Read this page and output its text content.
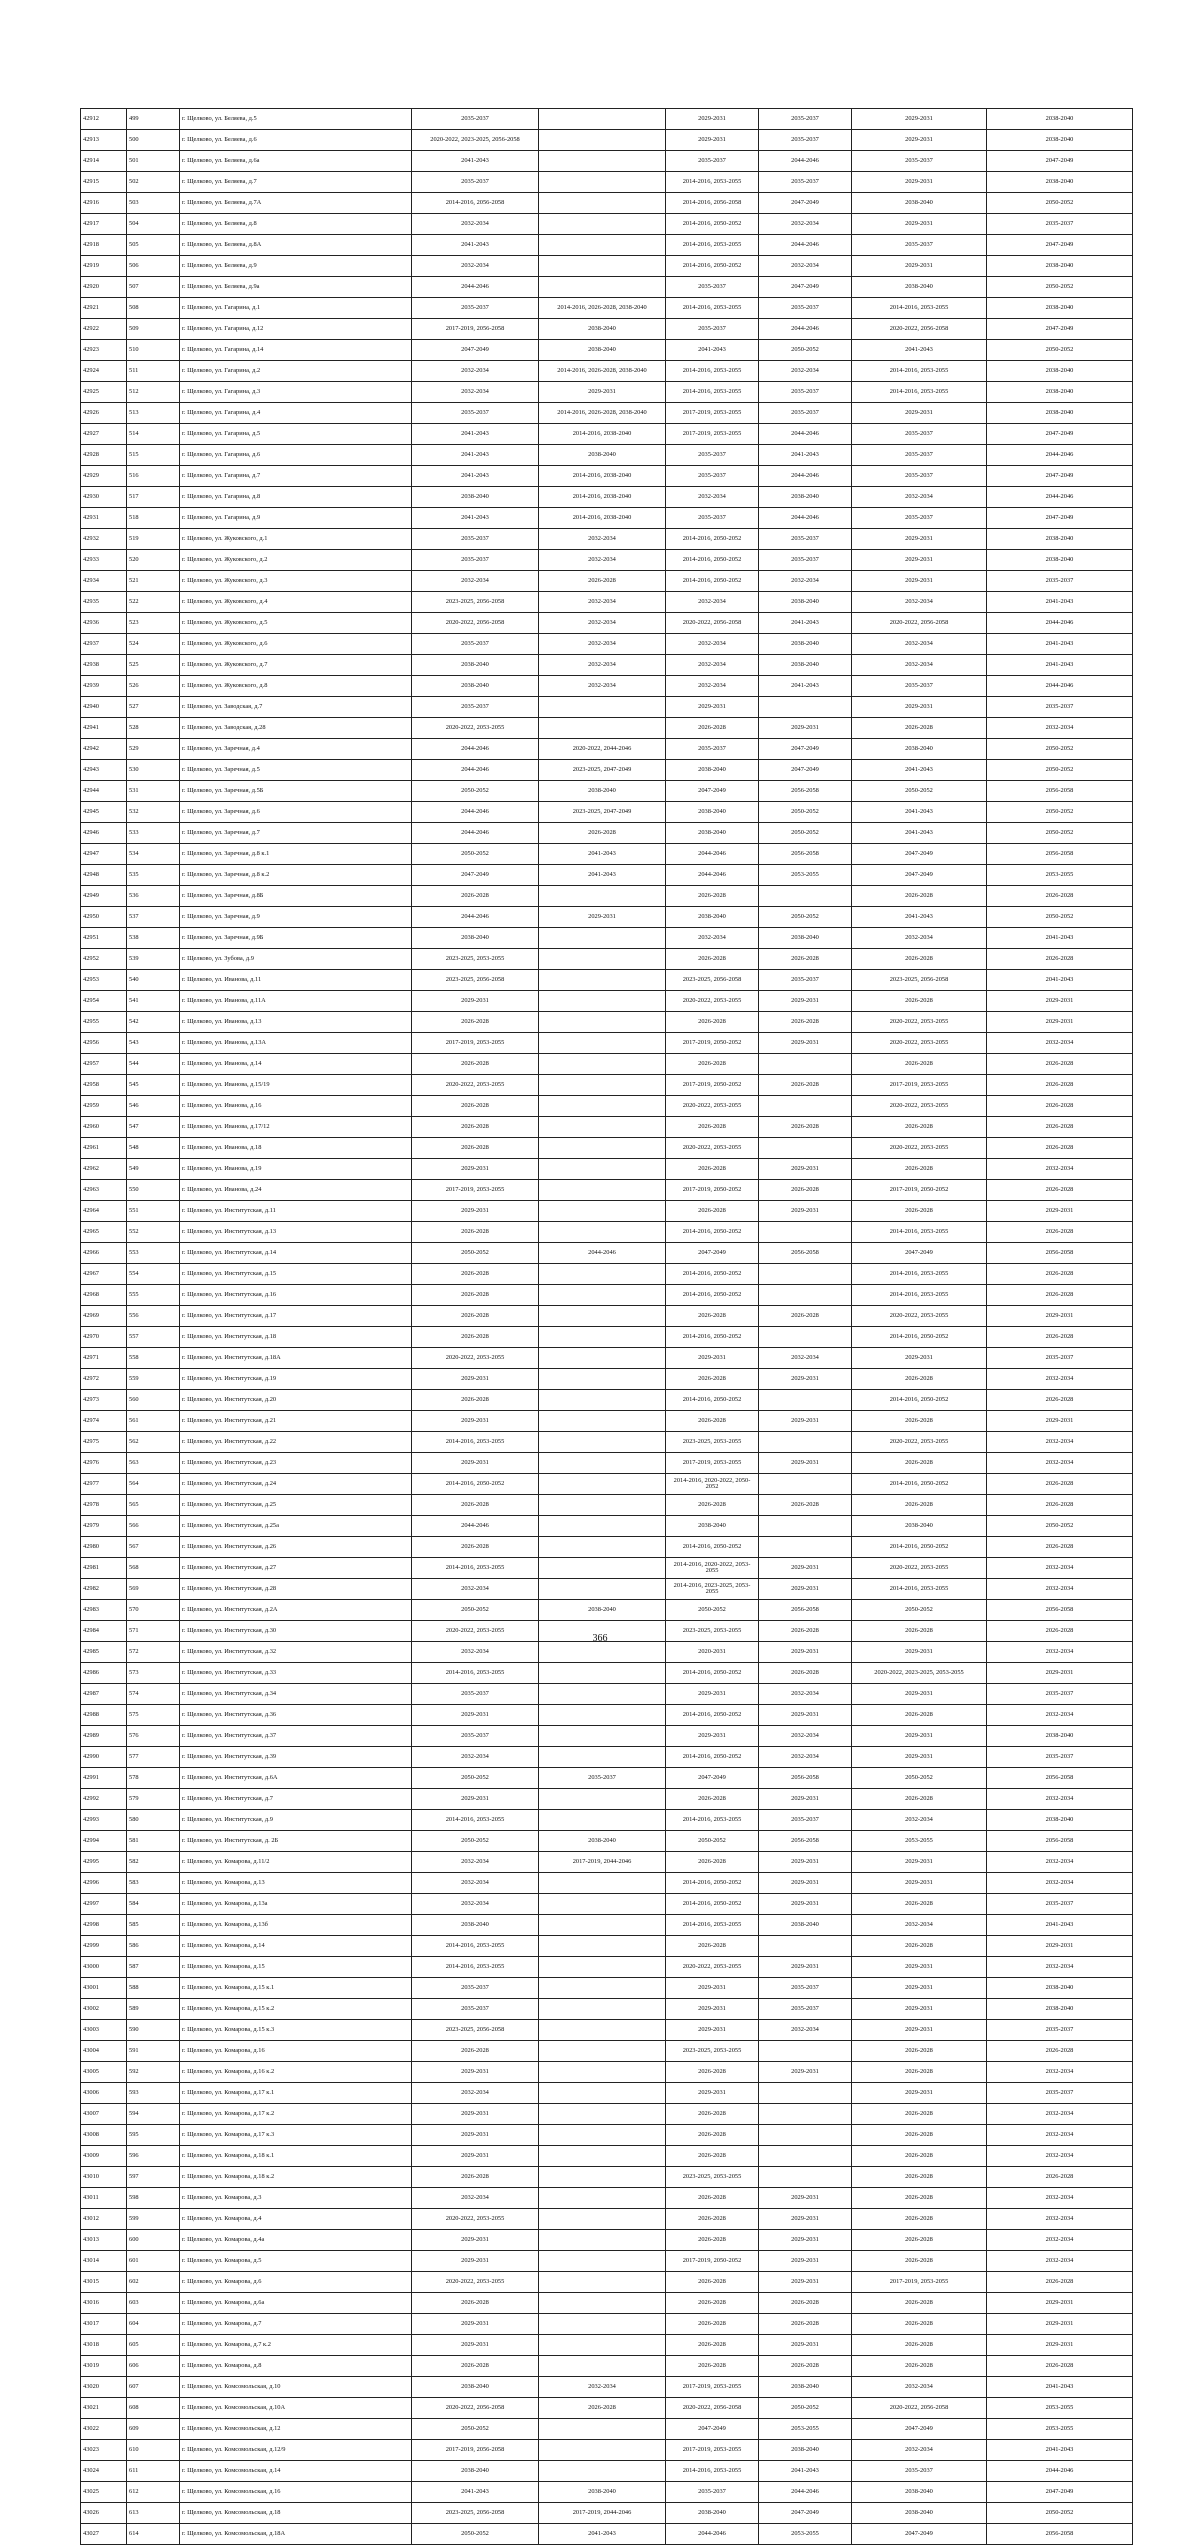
42912	499	г. Щелково, ул. Беляева, д.5	2035-2037		2029-2031	2035-2037	2029-2031	2038-2040
42913	500	г. Щелково, ул. Беляева, д.6	2020-2022, 2023-2025, 2056-2058		2029-2031	2035-2037	2029-2031	2038-2040
42914	501	г. Щелково, ул. Беляева, д.6а	2041-2043		2035-2037	2044-2046	2035-2037	2047-2049
42915	502	г. Щелково, ул. Беляева, д.7	2035-2037		2014-2016, 2053-2055	2035-2037	2029-2031	2038-2040
42916	503	г. Щелково, ул. Беляева, д.7А	2014-2016, 2056-2058		2014-2016, 2056-2058	2047-2049	2038-2040	2050-2052
42917	504	г. Щелково, ул. Беляева, д.8	2032-2034		2014-2016, 2050-2052	2032-2034	2029-2031	2035-2037
42918	505	г. Щелково, ул. Беляева, д.8А	2041-2043		2014-2016, 2053-2055	2044-2046	2035-2037	2047-2049
42919	506	г. Щелково, ул. Беляева, д.9	2032-2034		2014-2016, 2050-2052	2032-2034	2029-2031	2038-2040
42920	507	г. Щелково, ул. Беляева, д.9а	2044-2046		2035-2037	2047-2049	2038-2040	2050-2052
42921	508	г. Щелково, ул. Гагарина, д.1	2035-2037	2014-2016, 2026-2028, 2038-2040	2014-2016, 2053-2055	2035-2037	2014-2016, 2053-2055	2038-2040
42922	509	г. Щелково, ул. Гагарина, д.12	2017-2019, 2056-2058	2038-2040	2035-2037	2044-2046	2020-2022, 2056-2058	2047-2049
42923	510	г. Щелково, ул. Гагарина, д.14	2047-2049	2038-2040	2041-2043	2050-2052	2041-2043	2050-2052
42924	511	г. Щелково, ул. Гагарина, д.2	2032-2034	2014-2016, 2026-2028, 2038-2040	2014-2016, 2053-2055	2032-2034	2014-2016, 2053-2055	2038-2040
42925	512	г. Щелково, ул. Гагарина, д.3	2032-2034	2029-2031	2014-2016, 2053-2055	2035-2037	2014-2016, 2053-2055	2038-2040
42926	513	г. Щелково, ул. Гагарина, д.4	2035-2037	2014-2016, 2026-2028, 2038-2040	2017-2019, 2053-2055	2035-2037	2029-2031	2038-2040
42927	514	г. Щелково, ул. Гагарина, д.5	2041-2043	2014-2016, 2038-2040	2017-2019, 2053-2055	2044-2046	2035-2037	2047-2049
42928	515	г. Щелково, ул. Гагарина, д.6	2041-2043	2038-2040	2035-2037	2041-2043	2035-2037	2044-2046
42929	516	г. Щелково, ул. Гагарина, д.7	2041-2043	2014-2016, 2038-2040	2035-2037	2044-2046	2035-2037	2047-2049
42930	517	г. Щелково, ул. Гагарина, д.8	2038-2040	2014-2016, 2038-2040	2032-2034	2038-2040	2032-2034	2044-2046
42931	518	г. Щелково, ул. Гагарина, д.9	2041-2043	2014-2016, 2038-2040	2035-2037	2044-2046	2035-2037	2047-2049
42932	519	г. Щелково, ул. Жуковского, д.1	2035-2037	2032-2034	2014-2016, 2050-2052	2035-2037	2029-2031	2038-2040
42933	520	г. Щелково, ул. Жуковского, д.2	2035-2037	2032-2034	2014-2016, 2050-2052	2035-2037	2029-2031	2038-2040
42934	521	г. Щелково, ул. Жуковского, д.3	2032-2034	2026-2028	2014-2016, 2050-2052	2032-2034	2029-2031	2035-2037
42935	522	г. Щелково, ул. Жуковского, д.4	2023-2025, 2056-2058	2032-2034	2032-2034	2038-2040	2032-2034	2041-2043
42936	523	г. Щелково, ул. Жуковского, д.5	2020-2022, 2056-2058	2032-2034	2020-2022, 2056-2058	2041-2043	2020-2022, 2056-2058	2044-2046
42937	524	г. Щелково, ул. Жуковского, д.6	2035-2037	2032-2034	2032-2034	2038-2040	2032-2034	2041-2043
42938	525	г. Щелково, ул. Жуковского, д.7	2038-2040	2032-2034	2032-2034	2038-2040	2032-2034	2041-2043
42939	526	г. Щелково, ул. Жуковского, д.8	2038-2040	2032-2034	2032-2034	2041-2043	2035-2037	2044-2046
42940	527	г. Щелково, ул. Заводская, д.7	2035-2037		2029-2031		2029-2031	2035-2037
42941	528	г. Щелково, ул. Заводская, д.28	2020-2022, 2053-2055		2026-2028	2029-2031	2026-2028	2032-2034
42942	529	г. Щелково, ул. Заречная, д.4	2044-2046	2020-2022, 2044-2046	2035-2037	2047-2049	2038-2040	2050-2052
42943	530	г. Щелково, ул. Заречная, д.5	2044-2046	2023-2025, 2047-2049	2038-2040	2047-2049	2041-2043	2050-2052
42944	531	г. Щелково, ул. Заречная, д.5Б	2050-2052	2038-2040	2047-2049	2056-2058	2050-2052	2056-2058
42945	532	г. Щелково, ул. Заречная, д.6	2044-2046	2023-2025, 2047-2049	2038-2040	2050-2052	2041-2043	2050-2052
42946	533	г. Щелково, ул. Заречная, д.7	2044-2046	2026-2028	2038-2040	2050-2052	2041-2043	2050-2052
42947	534	г. Щелково, ул. Заречная, д.8 к.1	2050-2052	2041-2043	2044-2046	2056-2058	2047-2049	2056-2058
42948	535	г. Щелково, ул. Заречная, д.8 к.2	2047-2049	2041-2043	2044-2046	2053-2055	2047-2049	2053-2055
42949	536	г. Щелково, ул. Заречная, д.8Б	2026-2028		2026-2028		2026-2028	2026-2028
42950	537	г. Щелково, ул. Заречная, д.9	2044-2046	2029-2031	2038-2040	2050-2052	2041-2043	2050-2052
42951	538	г. Щелково, ул. Заречная, д.9Б	2038-2040		2032-2034	2038-2040	2032-2034	2041-2043
42952	539	г. Щелково, ул. Зубова, д.9	2023-2025, 2053-2055		2026-2028	2026-2028	2026-2028	2026-2028
42953	540	г. Щелково, ул. Иванова, д.11	2023-2025, 2056-2058		2023-2025, 2056-2058	2035-2037	2023-2025, 2056-2058	2041-2043
42954	541	г. Щелково, ул. Иванова, д.11А	2029-2031		2020-2022, 2053-2055	2029-2031	2026-2028	2029-2031
42955	542	г. Щелково, ул. Иванова, д.13	2026-2028		2026-2028	2026-2028	2020-2022, 2053-2055	2029-2031
42956	543	г. Щелково, ул. Иванова, д.13А	2017-2019, 2053-2055		2017-2019, 2050-2052	2029-2031	2020-2022, 2053-2055	2032-2034
42957	544	г. Щелково, ул. Иванова, д.14	2026-2028		2026-2028		2026-2028	2026-2028
42958	545	г. Щелково, ул. Иванова, д.15/19	2020-2022, 2053-2055		2017-2019, 2050-2052	2026-2028	2017-2019, 2053-2055	2026-2028
42959	546	г. Щелково, ул. Иванова, д.16	2026-2028		2020-2022, 2053-2055		2020-2022, 2053-2055	2026-2028
42960	547	г. Щелково, ул. Иванова, д.17/12	2026-2028		2026-2028	2026-2028	2026-2028	2026-2028
42961	548	г. Щелково, ул. Иванова, д.18	2026-2028		2020-2022, 2053-2055		2020-2022, 2053-2055	2026-2028
42962	549	г. Щелково, ул. Иванова, д.19	2029-2031		2026-2028	2029-2031	2026-2028	2032-2034
42963	550	г. Щелково, ул. Иванова, д.24	2017-2019, 2053-2055		2017-2019, 2050-2052	2026-2028	2017-2019, 2050-2052	2026-2028
42964	551	г. Щелково, ул. Институтская, д.11	2029-2031		2026-2028	2029-2031	2026-2028	2029-2031
42965	552	г. Щелково, ул. Институтская, д.13	2026-2028		2014-2016, 2050-2052		2014-2016, 2053-2055	2026-2028
42966	553	г. Щелково, ул. Институтская, д.14	2050-2052	2044-2046	2047-2049	2056-2058	2047-2049	2056-2058
42967	554	г. Щелково, ул. Институтская, д.15	2026-2028		2014-2016, 2050-2052		2014-2016, 2053-2055	2026-2028
42968	555	г. Щелково, ул. Институтская, д.16	2026-2028		2014-2016, 2050-2052		2014-2016, 2053-2055	2026-2028
42969	556	г. Щелково, ул. Институтская, д.17	2026-2028		2026-2028	2026-2028	2020-2022, 2053-2055	2029-2031
42970	557	г. Щелково, ул. Институтская, д.18	2026-2028		2014-2016, 2050-2052		2014-2016, 2050-2052	2026-2028
42971	558	г. Щелково, ул. Институтская, д.18А	2020-2022, 2053-2055		2029-2031	2032-2034	2029-2031	2035-2037
42972	559	г. Щелково, ул. Институтская, д.19	2029-2031		2026-2028	2029-2031	2026-2028	2032-2034
42973	560	г. Щелково, ул. Институтская, д.20	2026-2028		2014-2016, 2050-2052		2014-2016, 2050-2052	2026-2028
42974	561	г. Щелково, ул. Институтская, д.21	2029-2031		2026-2028	2029-2031	2026-2028	2029-2031
42975	562	г. Щелково, ул. Институтская, д.22	2014-2016, 2053-2055		2023-2025, 2053-2055		2020-2022, 2053-2055	2032-2034
42976	563	г. Щелково, ул. Институтская, д.23	2029-2031		2017-2019, 2053-2055	2029-2031	2026-2028	2032-2034
42977	564	г. Щелково, ул. Институтская, д.24	2014-2016, 2050-2052		2014-2016, 2020-2022, 2050-2052		2014-2016, 2050-2052	2026-2028
42978	565	г. Щелково, ул. Институтская, д.25	2026-2028		2026-2028	2026-2028	2026-2028	2026-2028
42979	566	г. Щелково, ул. Институтская, д.25а	2044-2046		2038-2040		2038-2040	2050-2052
42980	567	г. Щелково, ул. Институтская, д.26	2026-2028		2014-2016, 2050-2052		2014-2016, 2050-2052	2026-2028
42981	568	г. Щелково, ул. Институтская, д.27	2014-2016, 2053-2055		2014-2016, 2020-2022, 2053-2055	2029-2031	2020-2022, 2053-2055	2032-2034
42982	569	г. Щелково, ул. Институтская, д.28	2032-2034		2014-2016, 2023-2025, 2053-2055	2029-2031	2014-2016, 2053-2055	2032-2034
42983	570	г. Щелково, ул. Институтская, д.2А	2050-2052	2038-2040	2050-2052	2056-2058	2050-2052	2056-2058
42984	571	г. Щелково, ул. Институтская, д.30	2020-2022, 2053-2055		2023-2025, 2053-2055	2026-2028	2026-2028	2026-2028
42985	572	г. Щелково, ул. Институтская, д.32	2032-2034		2020-2031	2029-2031	2029-2031	2032-2034
42986	573	г. Щелково, ул. Институтская, д.33	2014-2016, 2053-2055		2014-2016, 2050-2052	2026-2028	2020-2022, 2023-2025, 2053-2055	2029-2031
42987	574	г. Щелково, ул. Институтская, д.34	2035-2037		2029-2031	2032-2034	2029-2031	2035-2037
42988	575	г. Щелково, ул. Институтская, д.36	2029-2031		2014-2016, 2050-2052	2029-2031	2026-2028	2032-2034
42989	576	г. Щелково, ул. Институтская, д.37	2035-2037		2029-2031	2032-2034	2029-2031	2038-2040
42990	577	г. Щелково, ул. Институтская, д.39	2032-2034		2014-2016, 2050-2052	2032-2034	2029-2031	2035-2037
42991	578	г. Щелково, ул. Институтская, д.6А	2050-2052	2035-2037	2047-2049	2056-2058	2050-2052	2056-2058
42992	579	г. Щелково, ул. Институтская, д.7	2029-2031		2026-2028	2029-2031	2026-2028	2032-2034
42993	580	г. Щелково, ул. Институтская, д.9	2014-2016, 2053-2055		2014-2016, 2053-2055	2035-2037	2032-2034	2038-2040
42994	581	г. Щелково, ул. Институтская, д. 2Б	2050-2052	2038-2040	2050-2052	2056-2058	2053-2055	2056-2058
42995	582	г. Щелково, ул. Комарова, д.11/2	2032-2034	2017-2019, 2044-2046	2026-2028	2029-2031	2029-2031	2032-2034
42996	583	г. Щелково, ул. Комарова, д.13	2032-2034		2014-2016, 2050-2052	2029-2031	2029-2031	2032-2034
42997	584	г. Щелково, ул. Комарова, д.13а	2032-2034		2014-2016, 2050-2052	2029-2031	2026-2028	2035-2037
42998	585	г. Щелково, ул. Комарова, д.13б	2038-2040		2014-2016, 2053-2055	2038-2040	2032-2034	2041-2043
42999	586	г. Щелково, ул. Комарова, д.14	2014-2016, 2053-2055		2026-2028		2026-2028	2029-2031
43000	587	г. Щелково, ул. Комарова, д.15	2014-2016, 2053-2055		2020-2022, 2053-2055	2029-2031	2029-2031	2032-2034
43001	588	г. Щелково, ул. Комарова, д.15 к.1	2035-2037		2029-2031	2035-2037	2029-2031	2038-2040
43002	589	г. Щелково, ул. Комарова, д.15 к.2	2035-2037		2029-2031	2035-2037	2029-2031	2038-2040
43003	590	г. Щелково, ул. Комарова, д.15 к.3	2023-2025, 2056-2058		2029-2031	2032-2034	2029-2031	2035-2037
43004	591	г. Щелково, ул. Комарова, д.16	2026-2028		2023-2025, 2053-2055		2026-2028	2026-2028
43005	592	г. Щелково, ул. Комарова, д.16 к.2	2029-2031		2026-2028	2029-2031	2026-2028	2032-2034
43006	593	г. Щелково, ул. Комарова, д.17 к.1	2032-2034		2029-2031		2029-2031	2035-2037
43007	594	г. Щелково, ул. Комарова, д.17 к.2	2029-2031		2026-2028		2026-2028	2032-2034
43008	595	г. Щелково, ул. Комарова, д.17 к.3	2029-2031		2026-2028		2026-2028	2032-2034
43009	596	г. Щелково, ул. Комарова, д.18 к.1	2029-2031		2026-2028		2026-2028	2032-2034
43010	597	г. Щелково, ул. Комарова, д.18 к.2	2026-2028		2023-2025, 2053-2055		2026-2028	2026-2028
43011	598	г. Щелково, ул. Комарова, д.3	2032-2034		2026-2028	2029-2031	2026-2028	2032-2034
43012	599	г. Щелково, ул. Комарова, д.4	2020-2022, 2053-2055		2026-2028	2029-2031	2026-2028	2032-2034
43013	600	г. Щелково, ул. Комарова, д.4а	2029-2031		2026-2028	2029-2031	2026-2028	2032-2034
43014	601	г. Щелково, ул. Комарова, д.5	2029-2031		2017-2019, 2050-2052	2029-2031	2026-2028	2032-2034
43015	602	г. Щелково, ул. Комарова, д.6	2020-2022, 2053-2055		2026-2028	2029-2031	2017-2019, 2053-2055	2026-2028
43016	603	г. Щелково, ул. Комарова, д.6а	2026-2028		2026-2028	2026-2028	2026-2028	2029-2031
43017	604	г. Щелково, ул. Комарова, д.7	2029-2031		2026-2028	2026-2028	2026-2028	2029-2031
43018	605	г. Щелково, ул. Комарова, д.7 к.2	2029-2031		2026-2028	2029-2031	2026-2028	2029-2031
43019	606	г. Щелково, ул. Комарова, д.8	2026-2028		2026-2028	2026-2028	2026-2028	2026-2028
43020	607	г. Щелково, ул. Комсомольская, д.10	2038-2040	2032-2034	2017-2019, 2053-2055	2038-2040	2032-2034	2041-2043
43021	608	г. Щелково, ул. Комсомольская, д.10А	2020-2022, 2056-2058	2026-2028	2020-2022, 2056-2058	2050-2052	2020-2022, 2056-2058	2053-2055
43022	609	г. Щелково, ул. Комсомольская, д.12	2050-2052		2047-2049	2053-2055	2047-2049	2053-2055
43023	610	г. Щелково, ул. Комсомольская, д.12/9	2017-2019, 2056-2058		2017-2019, 2053-2055	2038-2040	2032-2034	2041-2043
43024	611	г. Щелково, ул. Комсомольская, д.14	2038-2040		2014-2016, 2053-2055	2041-2043	2035-2037	2044-2046
43025	612	г. Щелково, ул. Комсомольская, д.16	2041-2043	2038-2040	2035-2037	2044-2046	2038-2040	2047-2049
43026	613	г. Щелково, ул. Комсомольская, д.18	2023-2025, 2056-2058	2017-2019, 2044-2046	2038-2040	2047-2049	2038-2040	2050-2052
43027	614	г. Щелково, ул. Комсомольская, д.18А	2050-2052	2041-2043	2044-2046	2053-2055	2047-2049	2056-2058
366
